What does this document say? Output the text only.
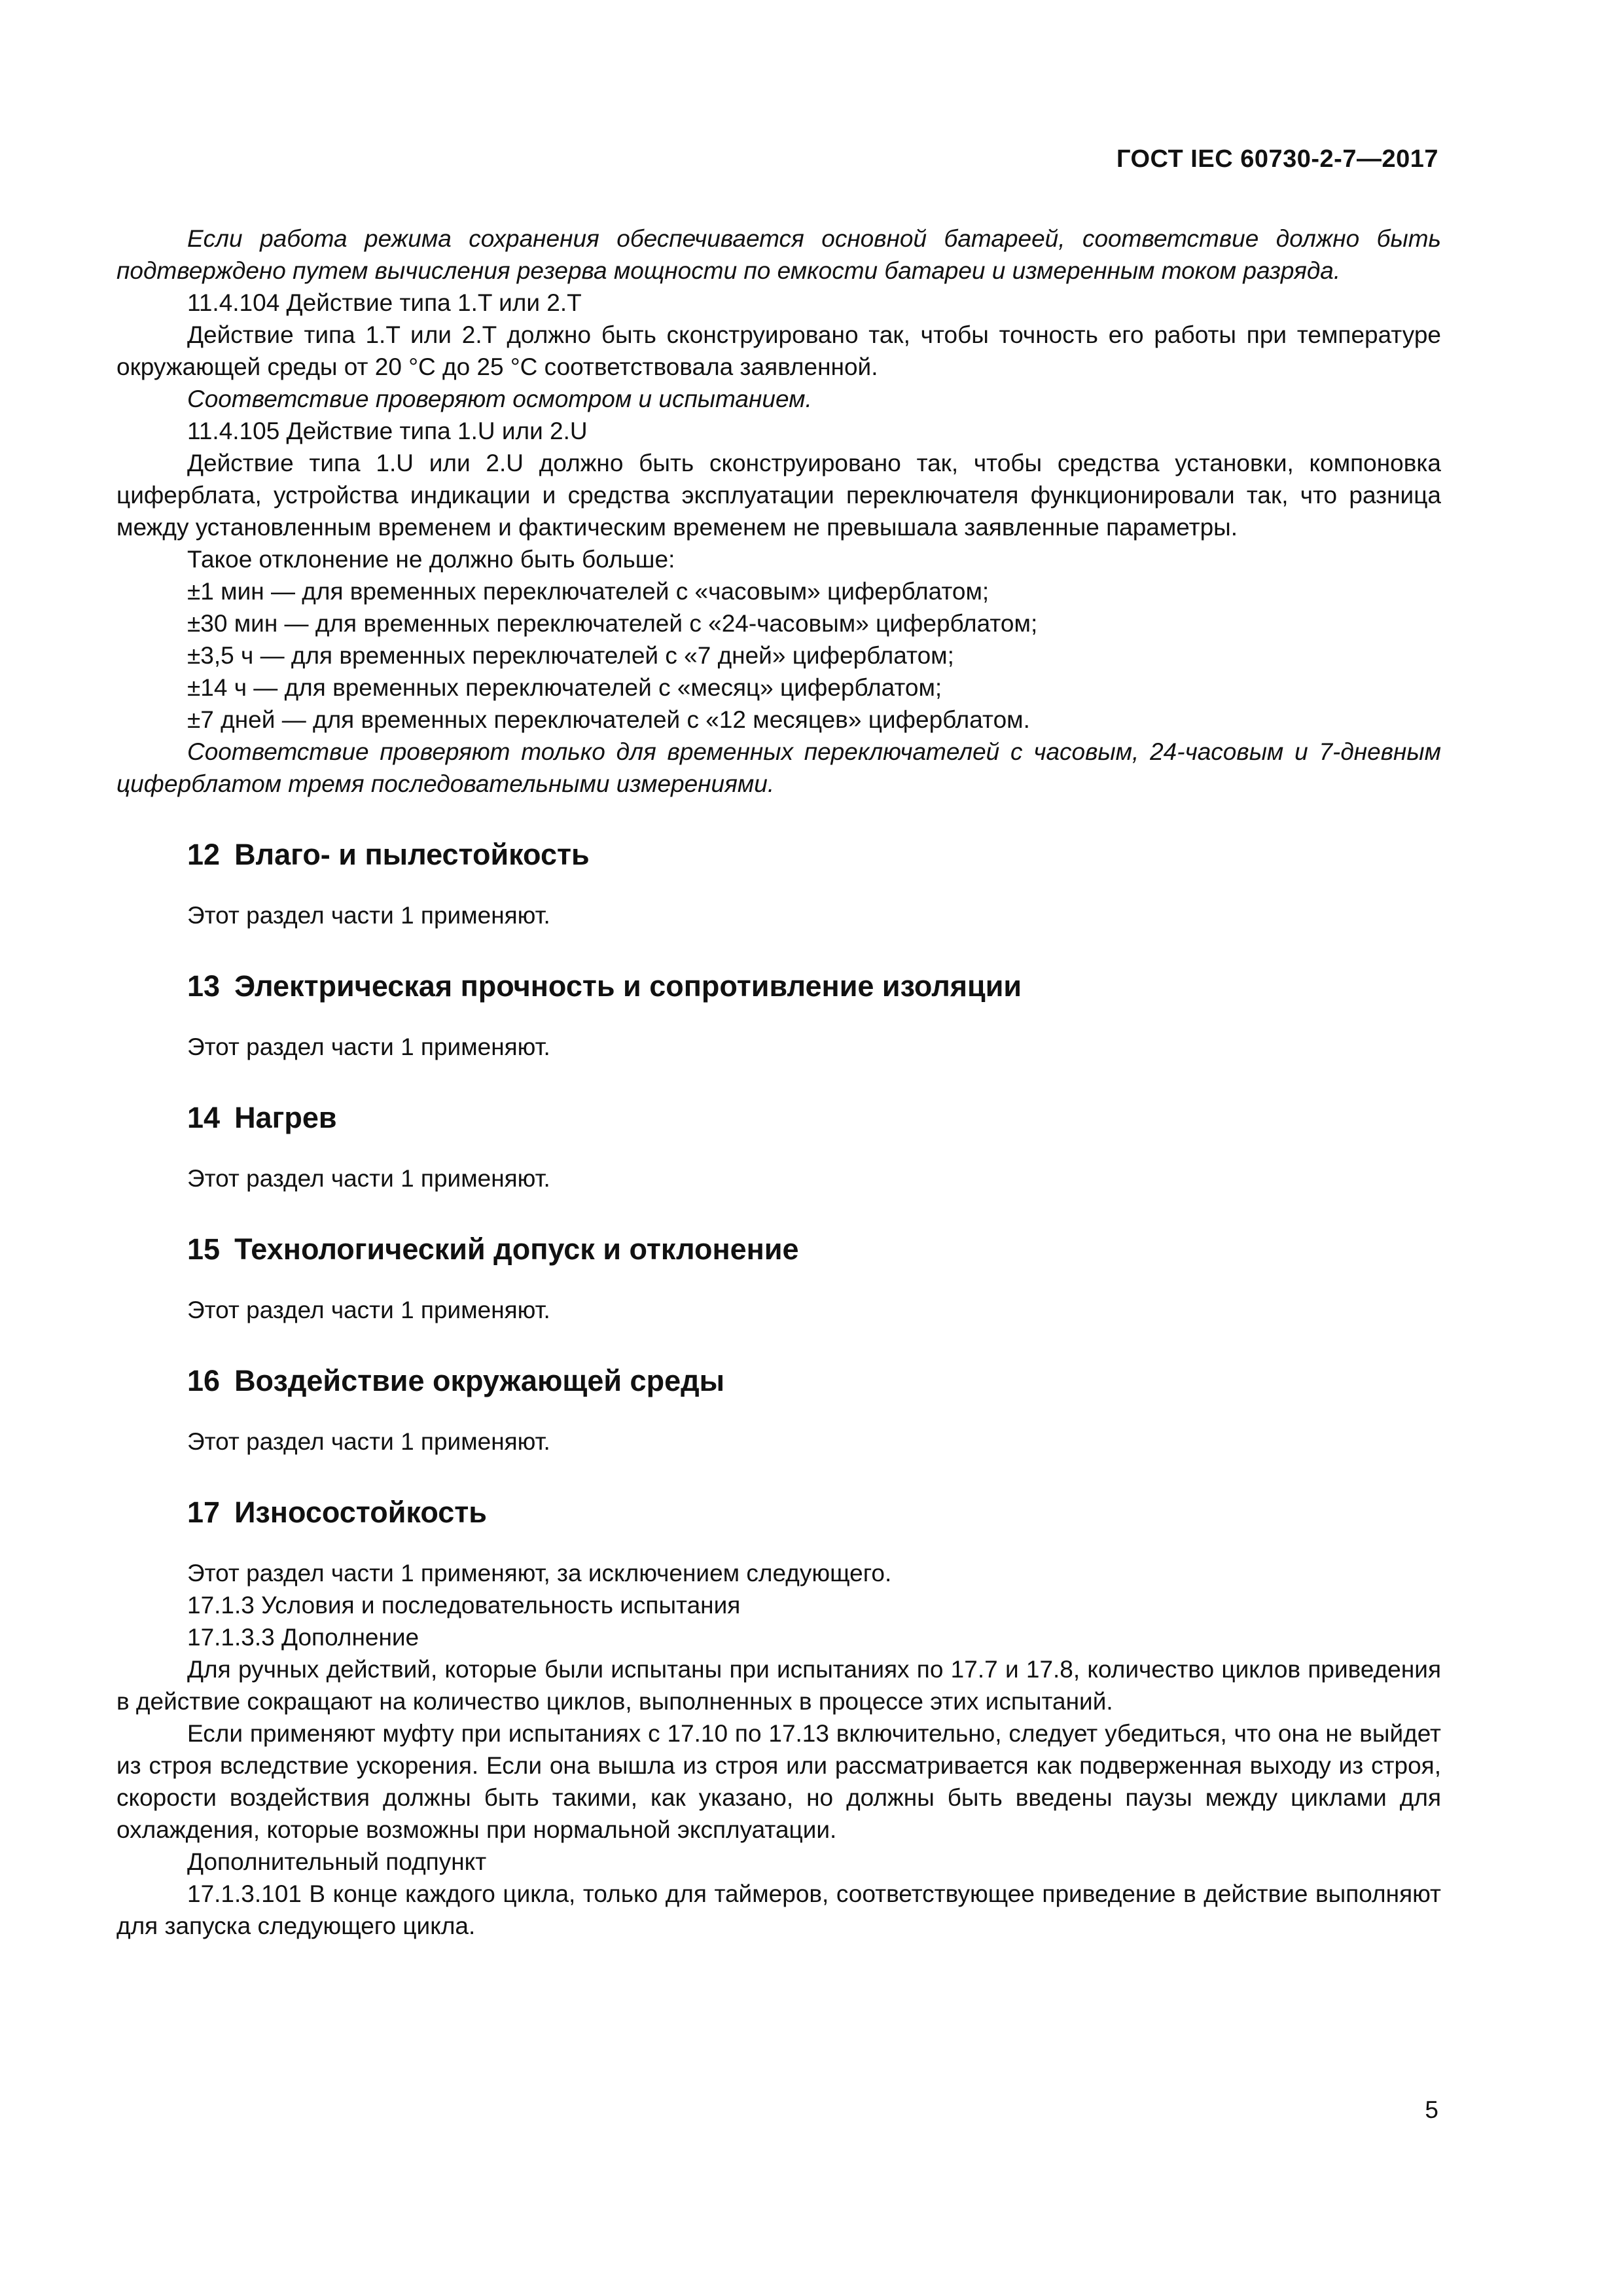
ГОСТ IEC 60730-2-7—2017

Если работа режима сохранения обеспечивается основной батареей, соответствие должно быть подтверждено путем вычисления резерва мощности по емкости батареи и измеренным током разряда.

11.4.104 Действие типа 1.T или 2.T

Действие типа 1.T или 2.T должно быть сконструировано так, чтобы точность его работы при температуре окружающей среды от 20 °C до 25 °C соответствовала заявленной.

Соответствие проверяют осмотром и испытанием.

11.4.105 Действие типа 1.U или 2.U

Действие типа 1.U или 2.U должно быть сконструировано так, чтобы средства установки, компоновка циферблата, устройства индикации и средства эксплуатации переключателя функционировали так, что разница между установленным временем и фактическим временем не превышала заявленные параметры.

Такое отклонение не должно быть больше:

±1 мин — для временных переключателей с «часовым» циферблатом;

±30 мин — для временных переключателей с «24-часовым» циферблатом;

±3,5 ч — для временных переключателей с «7 дней» циферблатом;

±14 ч — для временных переключателей с «месяц» циферблатом;

±7 дней — для временных переключателей с «12 месяцев» циферблатом.

Соответствие проверяют только для временных переключателей с часовым, 24-часовым и 7-дневным циферблатом тремя последовательными измерениями.

12 Влаго- и пылестойкость

Этот раздел части 1 применяют.

13 Электрическая прочность и сопротивление изоляции

Этот раздел части 1 применяют.

14 Нагрев

Этот раздел части 1 применяют.

15 Технологический допуск и отклонение

Этот раздел части 1 применяют.

16 Воздействие окружающей среды

Этот раздел части 1 применяют.

17 Износостойкость

Этот раздел части 1 применяют, за исключением следующего.

17.1.3 Условия и последовательность испытания

17.1.3.3 Дополнение

Для ручных действий, которые были испытаны при испытаниях по 17.7 и 17.8, количество циклов приведения в действие сокращают на количество циклов, выполненных в процессе этих испытаний.

Если применяют муфту при испытаниях с 17.10 по 17.13 включительно, следует убедиться, что она не выйдет из строя вследствие ускорения. Если она вышла из строя или рассматривается как подверженная выходу из строя, скорости воздействия должны быть такими, как указано, но должны быть введены паузы между циклами для охлаждения, которые возможны при нормальной эксплуатации.

Дополнительный подпункт

17.1.3.101 В конце каждого цикла, только для таймеров, соответствующее приведение в действие выполняют для запуска следующего цикла.

5
